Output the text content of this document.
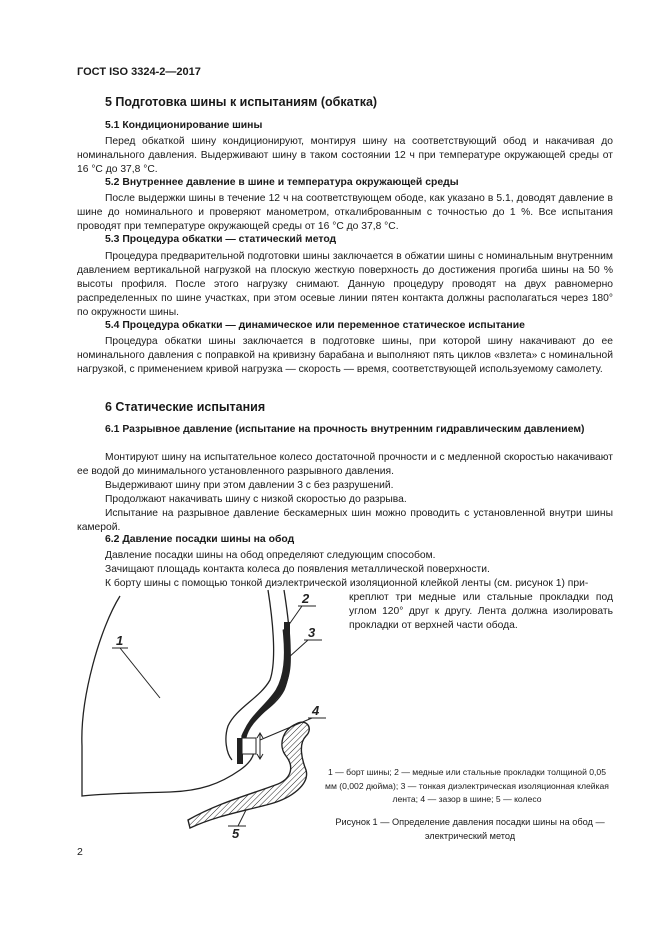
ГОСТ ISO 3324-2—2017
5 Подготовка шины к испытаниям (обкатка)
5.1 Кондиционирование шины

Перед обкаткой шину кондиционируют, монтируя шину на соответствующий обод и накачивая до номинального давления. Выдерживают шину в таком состоянии 12 ч при температуре окружающей среды от 16 °С до 37,8 °С.

5.2 Внутреннее давление в шине и температура окружающей среды

После выдержки шины в течение 12 ч на соответствующем ободе, как указано в 5.1, доводят давление в шине до номинального и проверяют манометром, откалиброванным с точностью до 1 %. Все испытания проводят при температуре окружающей среды от 16 °С до 37,8 °С.

5.3 Процедура обкатки — статический метод

Процедура предварительной подготовки шины заключается в обжатии шины с номинальным внутренним давлением вертикальной нагрузкой на плоскую жесткую поверхность до достижения прогиба шины на 50 % высоты профиля. После этого нагрузку снимают. Данную процедуру проводят на двух равномерно распределенных по шине участках, при этом осевые линии пятен контакта должны располагаться через 180° по окружности шины.

5.4 Процедура обкатки — динамическое или переменное статическое испытание

Процедура обкатки шины заключается в подготовке шины, при которой шину накачивают до ее номинального давления с поправкой на кривизну барабана и выполняют пять циклов «взлета» с номинальной нагрузкой, с применением кривой нагрузка — скорость — время, соответствующей используемому самолету.

6 Статические испытания
6.1 Разрывное давление (испытание на прочность внутренним гидравлическим давлением)

Монтируют шину на испытательное колесо достаточной прочности и с медленной скоростью накачивают ее водой до минимального установленного разрывного давления.

Выдерживают шину при этом давлении 3 с без разрушений.

Продолжают накачивать шину с низкой скоростью до разрыва.

Испытание на разрывное давление бескамерных шин можно проводить с установленной внутри шины камерой.

6.2 Давление посадки шины на обод

Давление посадки шины на обод определяют следующим способом.

Зачищают площадь контакта колеса до появления металлической поверхности.

К борту шины с помощью тонкой диэлектрической изоляционной клейкой ленты (см. рисунок 1) при-

креплют три медные или стальные прокладки под углом 120° друг к другу. Лента должна изолировать прокладки от верхней части обода.

1
2
3
4
5
1 — борт шины; 2 — медные или стальные прокладки толщиной 0,05 мм (0,002 дюйма); 3 — тонкая диэлектрическая изоляционная клейкая лента; 4 — зазор в шине; 5 — колесо
Рисунок 1 — Определение давления посадки шины на обод — электрический метод
2
